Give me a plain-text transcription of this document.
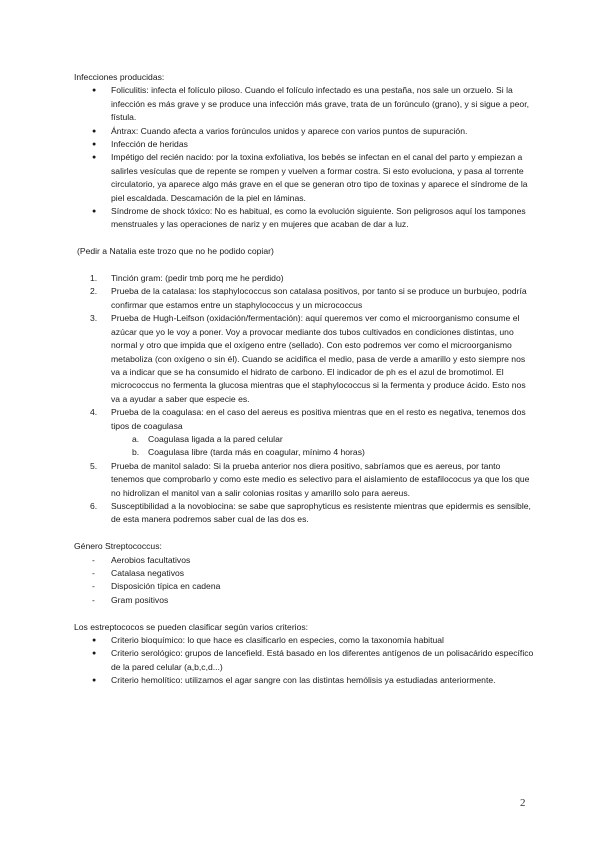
Infecciones producidas:

● Foliculitis: infecta el folículo piloso. Cuando el folículo infectado es una pestaña, nos sale un orzuelo. Si la infección es más grave y se produce una infección más grave, trata de un forúnculo (grano), y si sigue a peor, fístula.
● Ántrax: Cuando afecta a varios forúnculos unidos y aparece con varios puntos de supuración.
● Infección de heridas
● Impétigo del recién nacido: por la toxina exfoliativa, los bebés se infectan en el canal del parto y empiezan a salirles vesículas que de repente se rompen y vuelven a formar costra. Si esto evoluciona, y pasa al torrente circulatorio, ya aparece algo más grave en el que se generan otro tipo de toxinas y aparece el síndrome de la piel escaldada. Descamación de la piel en láminas.
● Síndrome de shock tóxico: No es habitual, es como la evolución siguiente. Son peligrosos aquí los tampones menstruales y las operaciones de nariz y en mujeres que acaban de dar a luz.

(Pedir a Natalia este trozo que no he podido copiar)

1. Tinción gram: (pedir tmb porq me he perdido)
2. Prueba de la catalasa: los staphylococcus son catalasa positivos, por tanto si se produce un burbujeo, podría confirmar que estamos entre un staphylococcus y un micrococcus
3. Prueba de Hugh-Leifson (oxidación/fermentación): aquí queremos ver como el microorganismo consume el azúcar que yo le voy a poner. Voy a provocar mediante dos tubos cultivados en condiciones distintas, uno normal y otro que impida que el oxígeno entre (sellado). Con esto podremos ver como el microorganismo metaboliza (con oxígeno o sin él). Cuando se acidifica el medio, pasa de verde a amarillo y esto siempre nos va a indicar que se ha consumido el hidrato de carbono. El indicador de ph es el azul de bromotimol. El micrococcus no fermenta la glucosa mientras que el staphylococcus si la fermenta y produce ácido. Esto nos va a ayudar a saber que especie es.
4. Prueba de la coagulasa: en el caso del aereus es positiva mientras que en el resto es negativa, tenemos dos tipos de coagulasa
a. Coagulasa ligada a la pared celular
b. Coagulasa libre (tarda más en coagular, mínimo 4 horas)
5. Prueba de manitol salado: Si la prueba anterior nos diera positivo, sabríamos que es aereus, por tanto tenemos que comprobarlo y como este medio es selectivo para el aislamiento de estafilococus ya que los que no hidrolizan el manitol van a salir colonias rositas y amarillo solo para aereus.
6. Susceptibilidad a la novobiocina: se sabe que saprophyticus es resistente mientras que epidermis es sensible, de esta manera podremos saber cual de las dos es.

Género Streptococcus:

- Aerobios facultativos
- Catalasa negativos
- Disposición típica en cadena
- Gram positivos

Los estreptococos se pueden clasificar según varios criterios:

● Criterio bioquímico: lo que hace es clasificarlo en especies, como la taxonomía habitual
● Criterio serológico: grupos de lancefield. Está basado en los diferentes antígenos de un polisacárido específico de la pared celular (a,b,c,d...)
● Criterio hemolítico: utilizamos el agar sangre con las distintas hemólisis ya estudiadas anteriormente.
2
